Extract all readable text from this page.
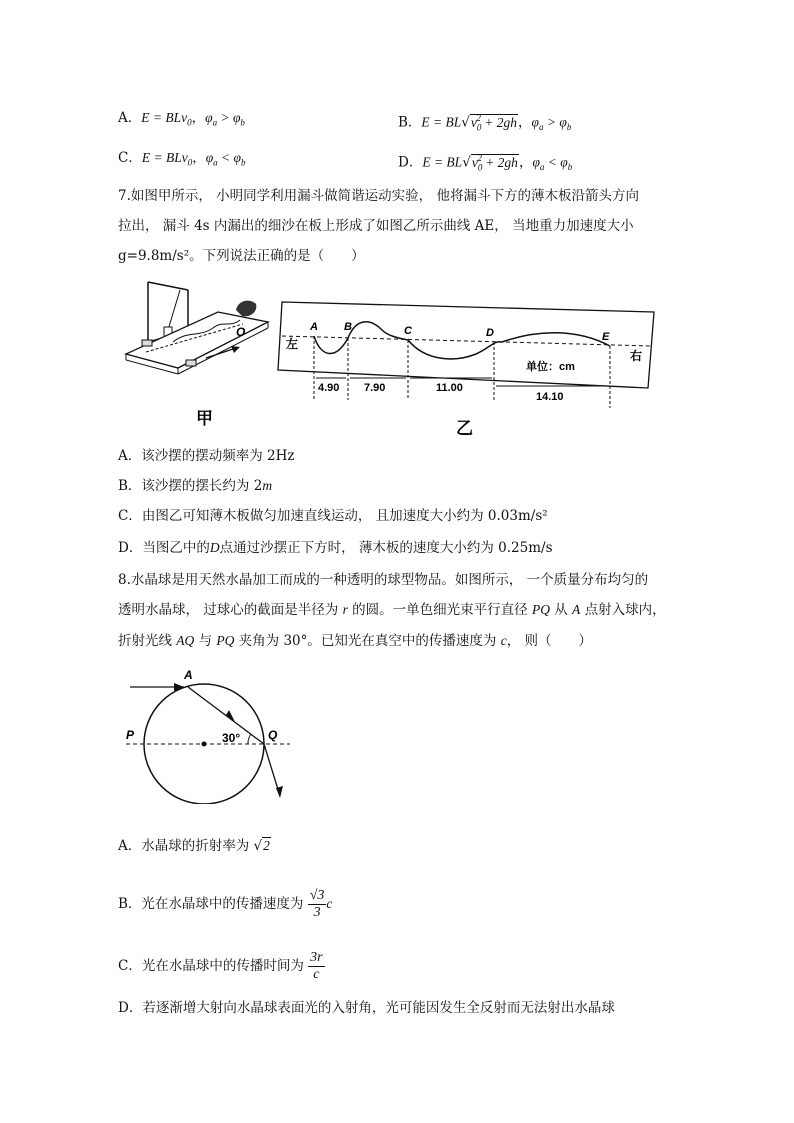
A．E = BLv$_0$，$\varphi_a > \varphi_b$	B．$E = BL√v_0^2 + 2gh$，$\varphi_a > \varphi_b$
C．E = BLv$_0$，$\varphi_a < \varphi_b$	D．$E = BL√v_0^2 + 2gh$，$\varphi_a < \varphi_b$
7.如图甲所示， 小明同学利用漏斗做简谐运动实验， 他将漏斗下方的薄木板沿箭头方向
拉出， 漏斗 4s 内漏出的细沙在板上形成了如图乙所示曲线 AE， 当地重力加速度大小
g=9.8m/s²。下列说法正确的是（　　）
O
甲
A B	C	D	E
左
右
单位：cm
4.90 7.90	11.00
14.10
乙
A．该沙摆的摆动频率为 2Hz
B．该沙摆的摆长约为 2m
C．由图乙可知薄木板做匀加速直线运动， 且加速度大小约为 0.03m/s²
D．当图乙中的D点通过沙摆正下方时， 薄木板的速度大小约为 0.25m/s
8.水晶球是用天然水晶加工而成的一种透明的球型物品。如图所示， 一个质量分布均匀的
透明水晶球， 过球心的截面是半径为 r 的圆。一单色细光束平行直径 PQ 从 A 点射入球内，
折射光线 AQ 与 PQ 夹角为 30°。已知光在真空中的传播速度为 c， 则（　　）
A
P	Q
30°
A．水晶球的折射率为 √2
B．光在水晶球中的传播速度为 $\frac{√3}{3}$ c
C．光在水晶球中的传播时间为 $\frac{3r}{c}$
D．若逐渐增大射向水晶球表面光的入射角，光可能因发生全反射而无法射出水晶球
